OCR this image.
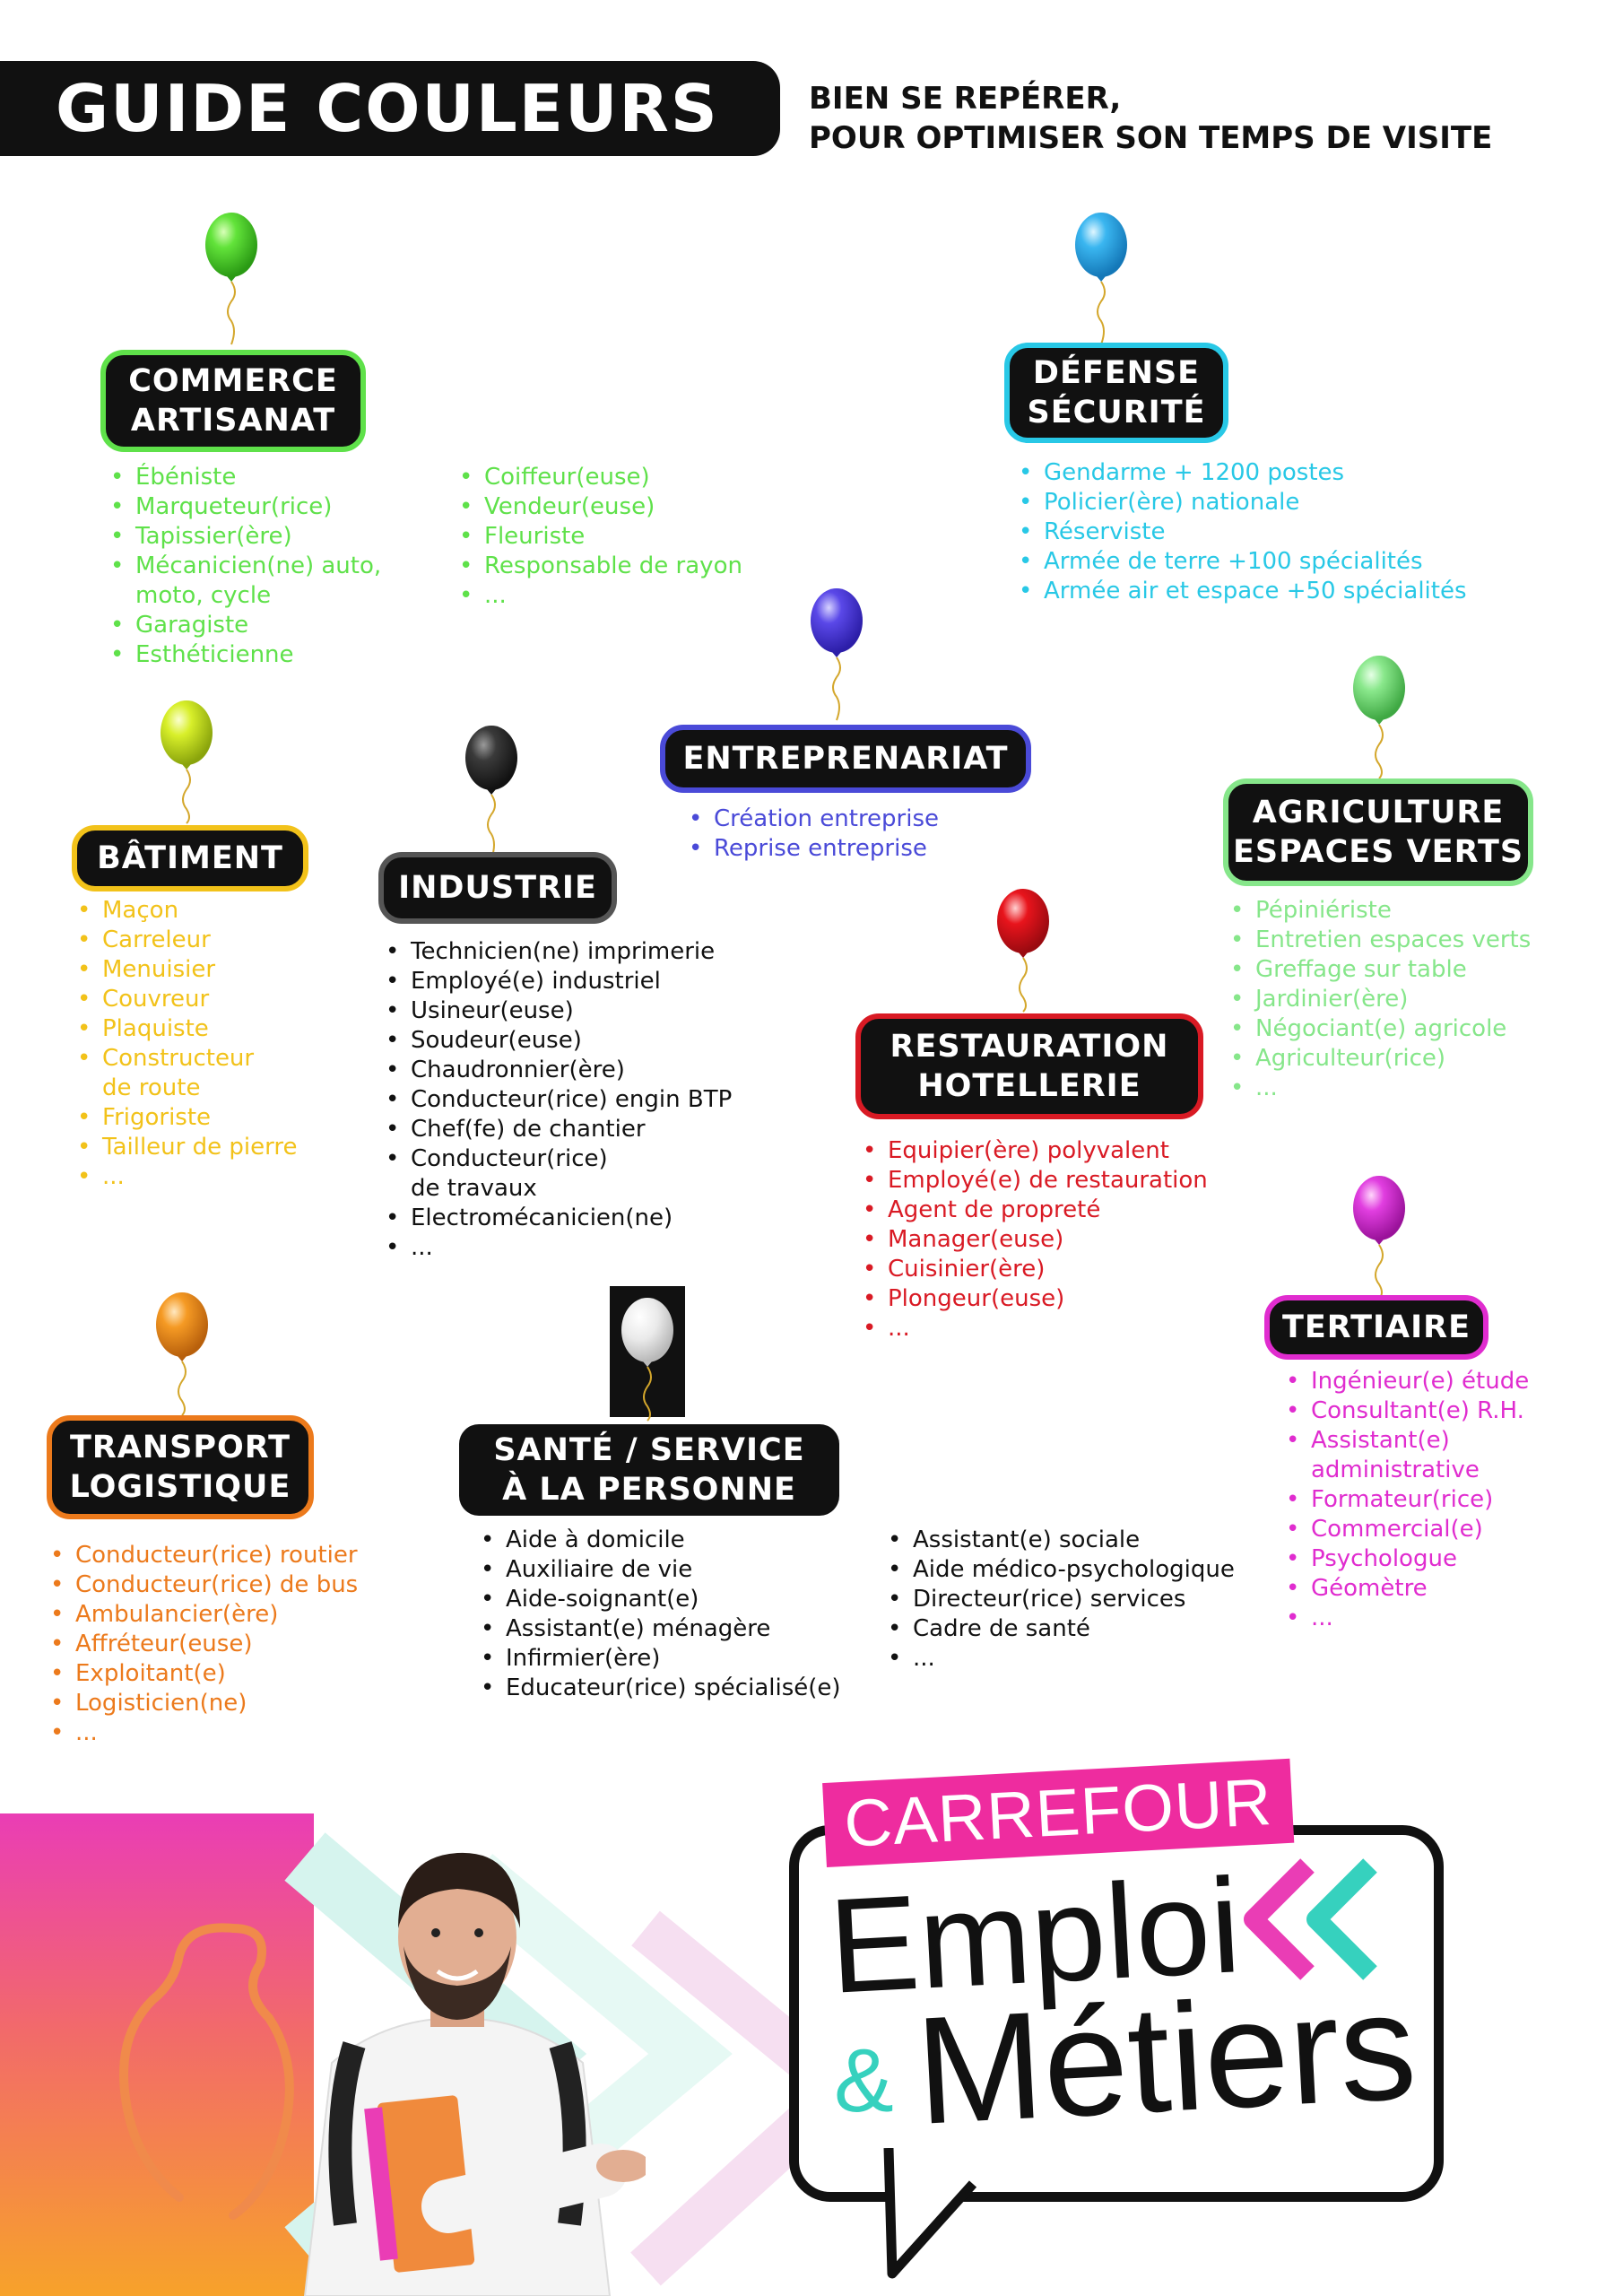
GUIDE COULEURS	BIEN SE REPÉRER,
POUR OPTIMISER SON TEMPS DE VISITE
COMMERCE
ARTISANAT
• Ébéniste
• Marqueteur(rice)
• Tapissier(ère)
• Mécanicien(ne) auto,
moto, cycle
• Garagiste
• Esthéticienne
• Coiffeur(euse)
• Vendeur(euse)
• Fleuriste
• Responsable de rayon
• ...
DÉFENSE
SÉCURITÉ
• Gendarme + 1200 postes
• Policier(ère) nationale
• Réserviste
• Armée de terre +100 spécialités
• Armée air et espace +50 spécialités
ENTREPRENARIAT
• Création entreprise
• Reprise entreprise
AGRICULTURE
ESPACES VERTS
• Pépiniériste
• Entretien espaces verts
• Greffage sur table
• Jardinier(ère)
• Négociant(e) agricole
• Agriculteur(rice)
• ...
BÂTIMENT
• Maçon
• Carreleur
• Menuisier
• Couvreur
• Plaquiste
• Constructeur
de route
• Frigoriste
• Tailleur de pierre
• ...
INDUSTRIE
• Technicien(ne) imprimerie
• Employé(e) industriel
• Usineur(euse)
• Soudeur(euse)
• Chaudronnier(ère)
• Conducteur(rice) engin BTP
• Chef(fe) de chantier
• Conducteur(rice)
de travaux
• Electromécanicien(ne)
• ...
RESTAURATION
HOTELLERIE
• Equipier(ère) polyvalent
• Employé(e) de restauration
• Agent de propreté
• Manager(euse)
• Cuisinier(ère)
• Plongeur(euse)
• ...	TERTIAIRE
• Ingénieur(e) étude
• Consultant(e) R.H.
• Assistant(e)
administrative
• Formateur(rice)
• Commercial(e)
• Psychologue
• Géomètre
• ...
TRANSPORT
LOGISTIQUE
• Conducteur(rice) routier
• Conducteur(rice) de bus
• Ambulancier(ère)
• Affréteur(euse)
• Exploitant(e)
• Logisticien(ne)
• ...
SANTÉ / SERVICE
À LA PERSONNE
• Aide à domicile
• Auxiliaire de vie
• Aide-soignant(e)
• Assistant(e) ménagère
• Infirmier(ère)
• Educateur(rice) spécialisé(e)
• Assistant(e) sociale
• Aide médico-psychologique
• Directeur(rice) services
• Cadre de santé
• ...
CARREFOUR
Emploi
& Métiers
